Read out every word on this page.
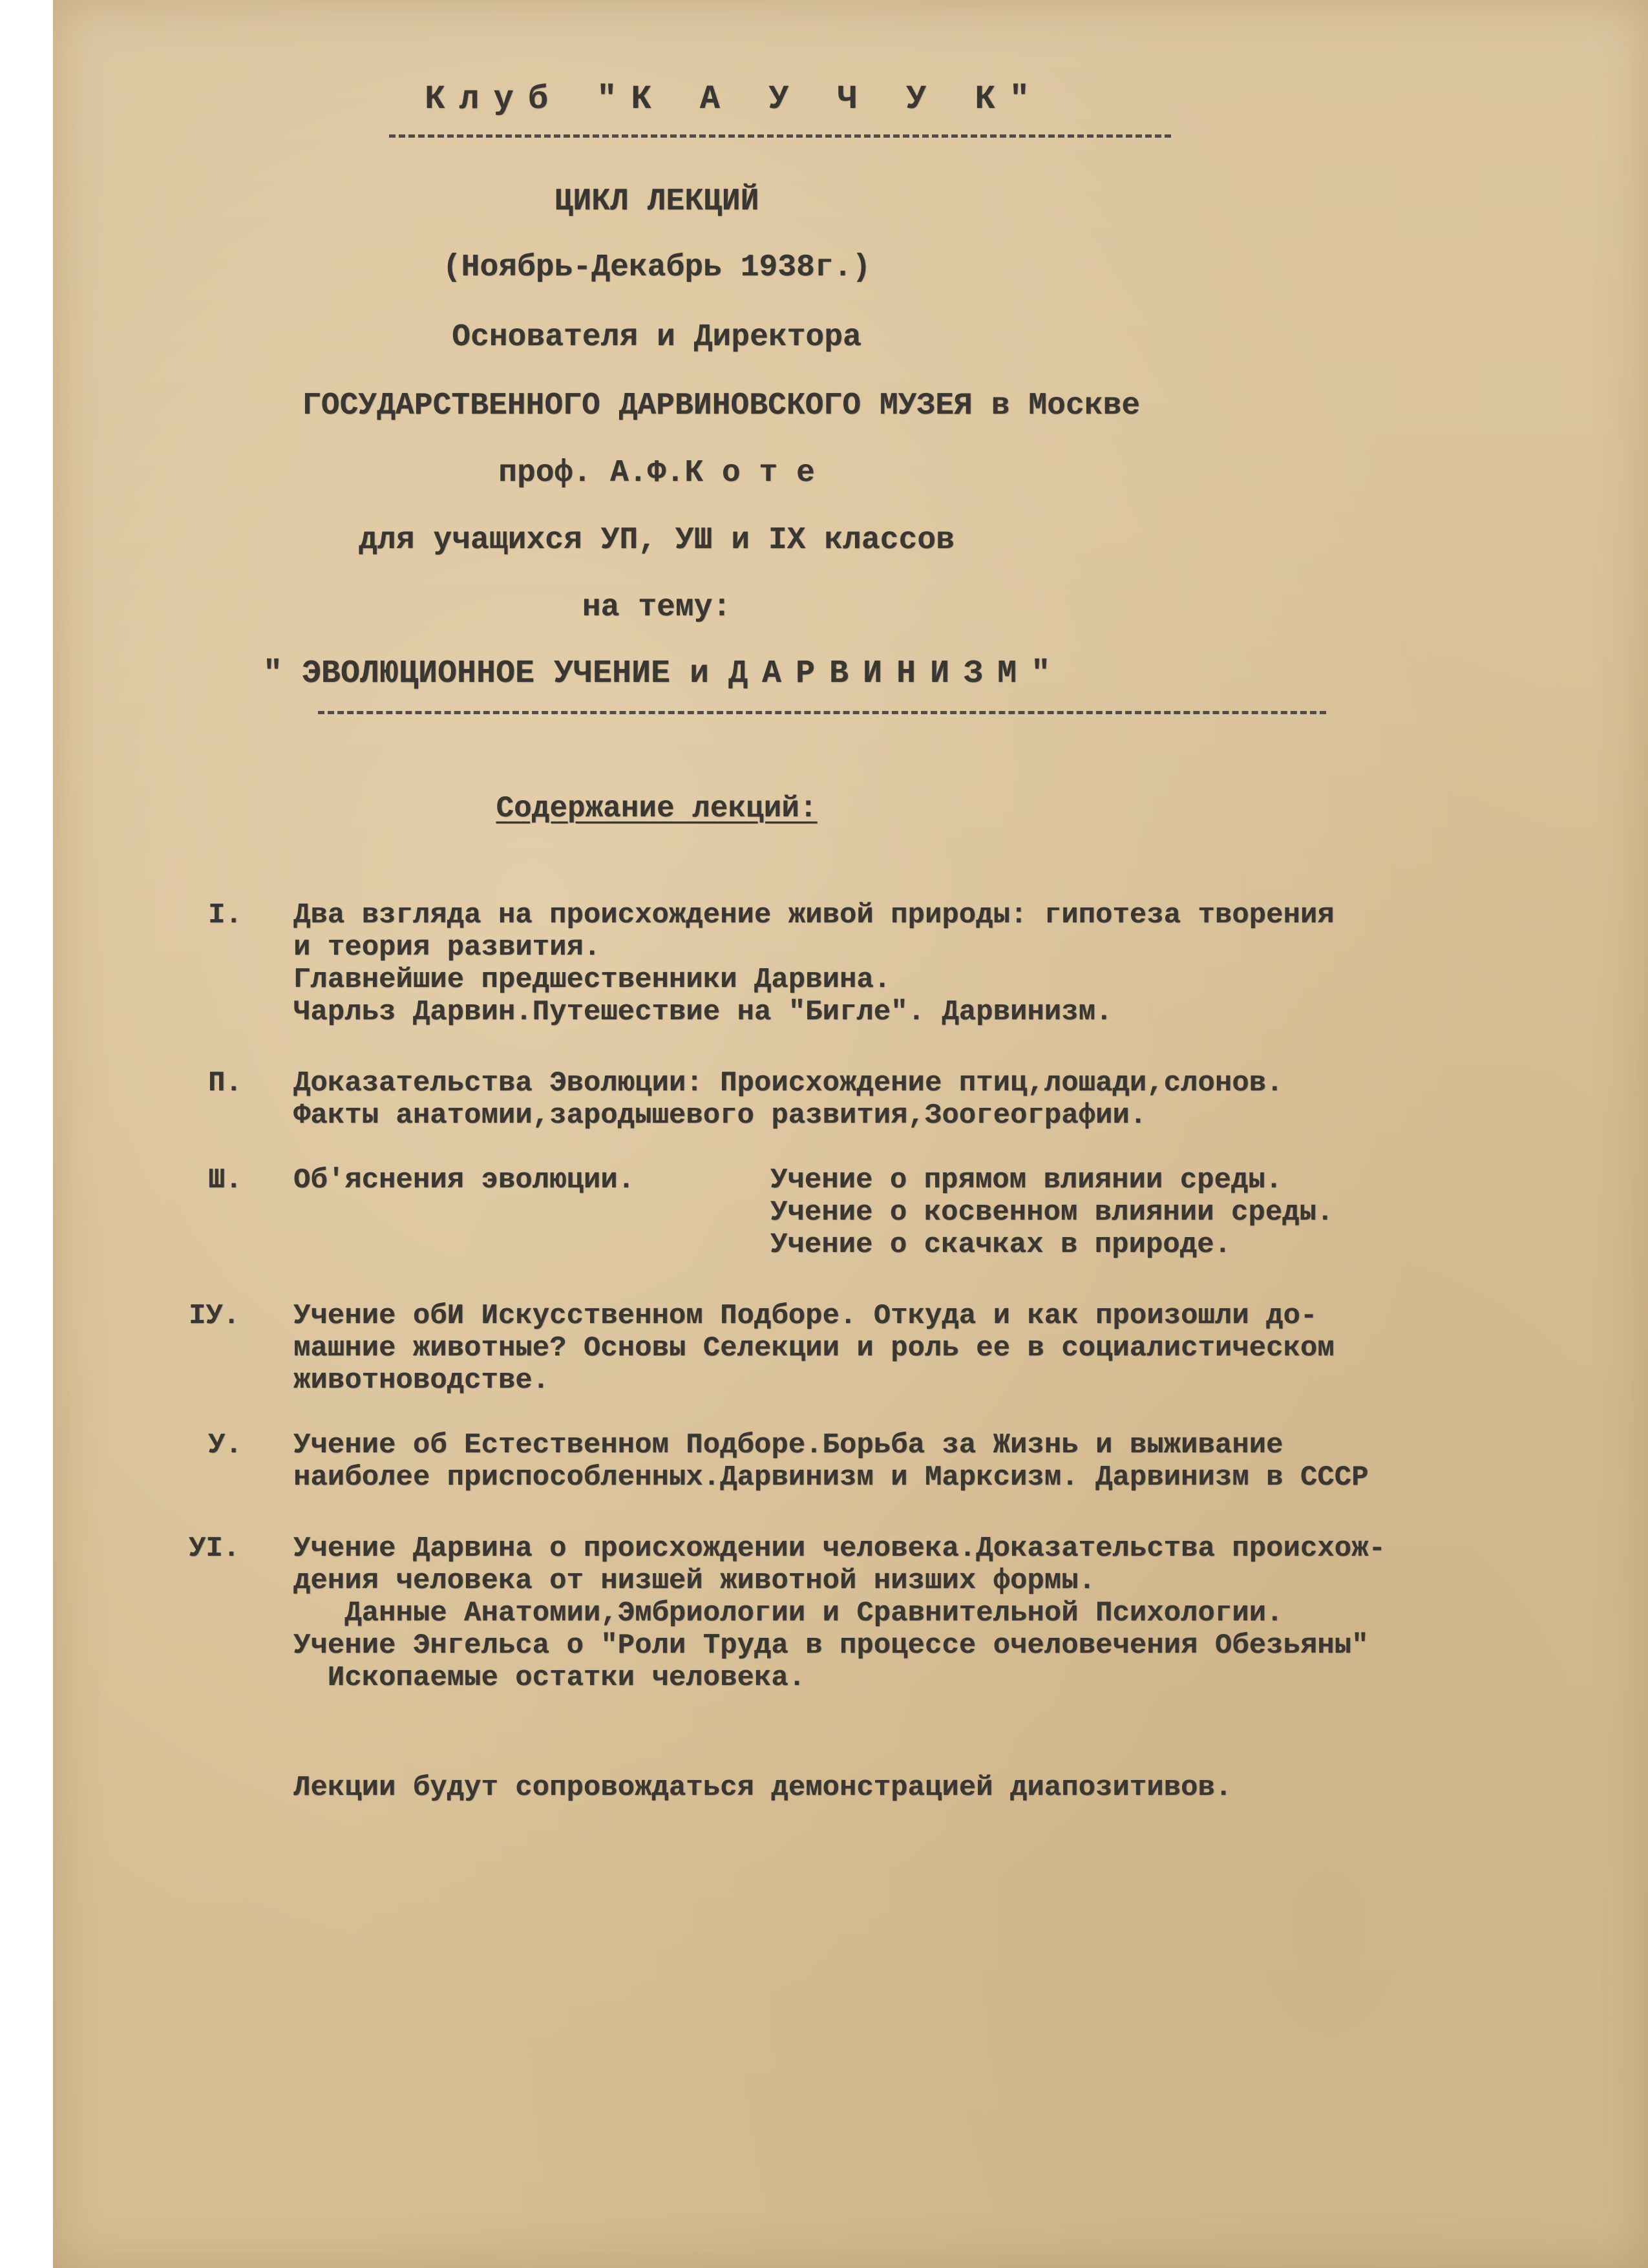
Клуб "К А У Ч У К"
ЦИКЛ ЛЕКЦИЙ
(Ноябрь-Декабрь 1938г.)
Основателя и Директора
ГОСУДАРСТВЕННОГО ДАРВИНОВСКОГО МУЗЕЯ в Москве
проф. А.Ф.К о т е
для учащихся УП, УШ и IX классов
на тему:
" ЭВОЛЮЦИОННОЕ УЧЕНИЕ и ДАРВИНИЗМ"
Содержание лекций:
I. Два взгляда на происхождение живой природы: гипотеза творения
и теория развития.
Главнейшие предшественники Дарвина.
Чарльз Дарвин.Путешествие на "Бигле". Дарвинизм.
П. Доказательства Эволюции: Происхождение птиц,лошади,слонов.
Факты анатомии,зародышевого развития,Зоогеографии.
Ш. Об'яснения эволюции.	Учение о прямом влиянии среды.
Учение о косвенном влиянии среды.
Учение о скачках в природе.
IУ. Учение обИ Искусственном Подборе. Откуда и как произошли до-
машние животные? Основы Селекции и роль ее в социалистическом
животноводстве.
У. Учение об Естественном Подборе.Борьба за Жизнь и выживание
наиболее приспособленных.Дарвинизм и Марксизм. Дарвинизм в СССР
УI. Учение Дарвина о происхождении человека.Доказательства происхож-
дения человека от низшей животной низших формы.
Данные Анатомии,Эмбриологии и Сравнительной Психологии.
Учение Энгельса о "Роли Труда в процессе очеловечения Обезьяны"
Ископаемые остатки человека.
Лекции будут сопровождаться демонстрацией диапозитивов.
